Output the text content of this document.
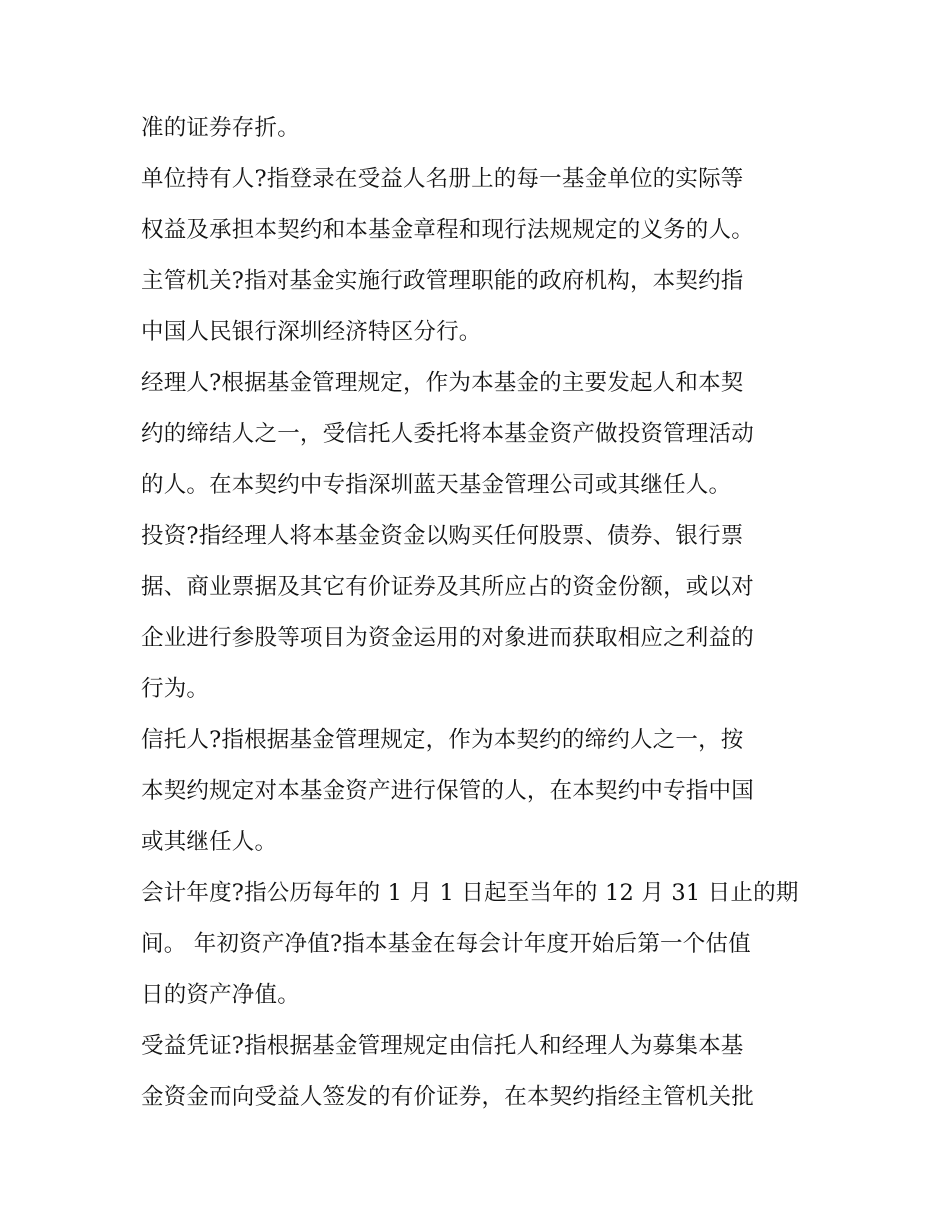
准的证券存折。
单位持有人?指登录在受益人名册上的每一基金单位的实际等
权益及承担本契约和本基金章程和现行法规规定的义务的人。
主管机关?指对基金实施行政管理职能的政府机构，本契约指
中国人民银行深圳经济特区分行。
经理人?根据基金管理规定，作为本基金的主要发起人和本契
约的缔结人之一，受信托人委托将本基金资产做投资管理活动
的人。在本契约中专指深圳蓝天基金管理公司或其继任人。
投资?指经理人将本基金资金以购买任何股票、债券、银行票
据、商业票据及其它有价证券及其所应占的资金份额，或以对
企业进行参股等项目为资金运用的对象进而获取相应之利益的
行为。
信托人?指根据基金管理规定，作为本契约的缔约人之一，按
本契约规定对本基金资产进行保管的人，在本契约中专指中国
或其继任人。
会计年度?指公历每年的 1 月 1 日起至当年的 12 月 31 日止的期
间。 年初资产净值?指本基金在每会计年度开始后第一个估值
日的资产净值。
受益凭证?指根据基金管理规定由信托人和经理人为募集本基
金资金而向受益人签发的有价证券，在本契约指经主管机关批
